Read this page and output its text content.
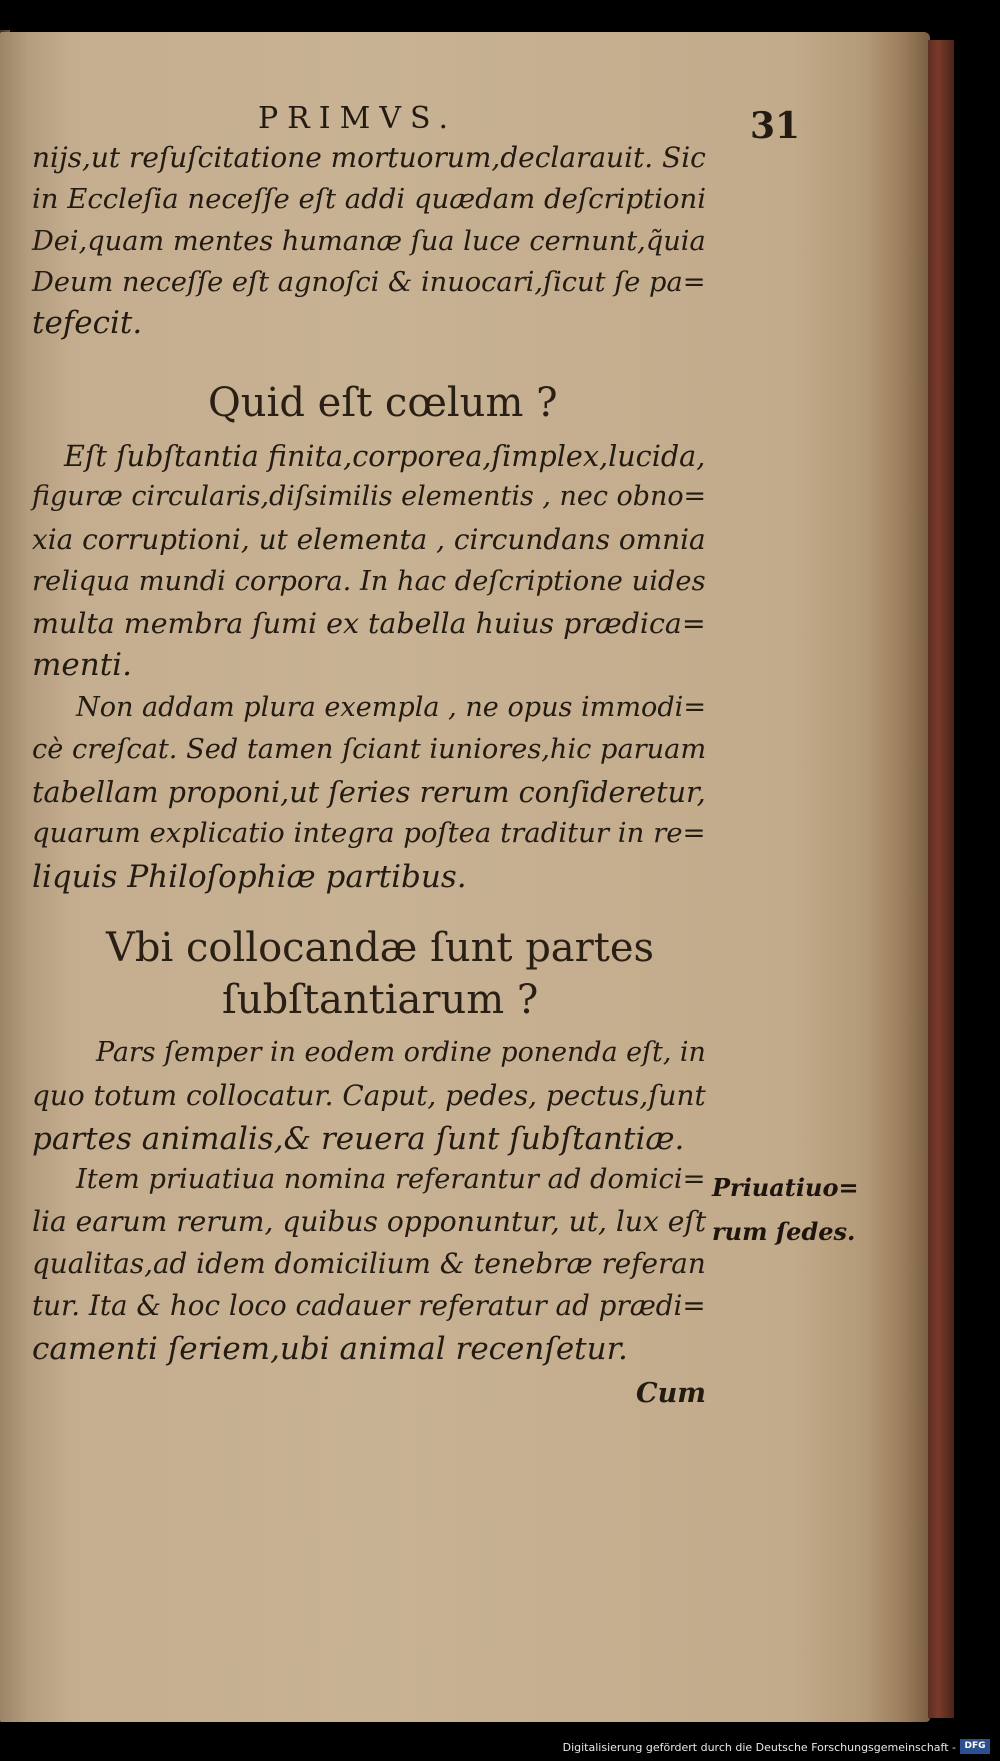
PRIMVS.	31
nijs,ut reſuſcitatione mortuorum,declarauit. Sic
in Eccleſia neceſſe eſt addi quædam deſcriptioni
Dei,quam mentes humanæ ſua luce cernunt,q̃uia
Deum neceſſe eſt agnoſci & inuocari,ſicut ſe pa=
tefecit.
Quid eſt cœlum ?
Eſt ſubſtantia finita,corporea,ſimplex,lucida,
figuræ circularis,diſsimilis elementis , nec obno=
xia corruptioni, ut elementa , circundans omnia
reliqua mundi corpora. In hac deſcriptione uides
multa membra ſumi ex tabella huius prædica=
menti.
Non addam plura exempla , ne opus immodi=
cè creſcat. Sed tamen ſciant iuniores,hic paruam
tabellam proponi,ut ſeries rerum conſideretur,
quarum explicatio integra poſtea traditur in re=
liquis Philoſophiæ partibus.
Vbi collocandæ ſunt partes
ſubſtantiarum ?
Pars ſemper in eodem ordine ponenda eſt, in
quo totum collocatur. Caput, pedes, pectus,ſunt
partes animalis,& reuera ſunt ſubſtantiæ.
Item priuatiua nomina referantur ad domici=
lia earum rerum, quibus opponuntur, ut, lux eſt
qualitas,ad idem domicilium & tenebræ referan
tur. Ita & hoc loco cadauer referatur ad prædi=
camenti ſeriem,ubi animal recenſetur.
Cum
Priuatiuo=
rum ſedes.
Digitalisierung gefördert durch die Deutsche Forschungsgemeinschaft - DFG
